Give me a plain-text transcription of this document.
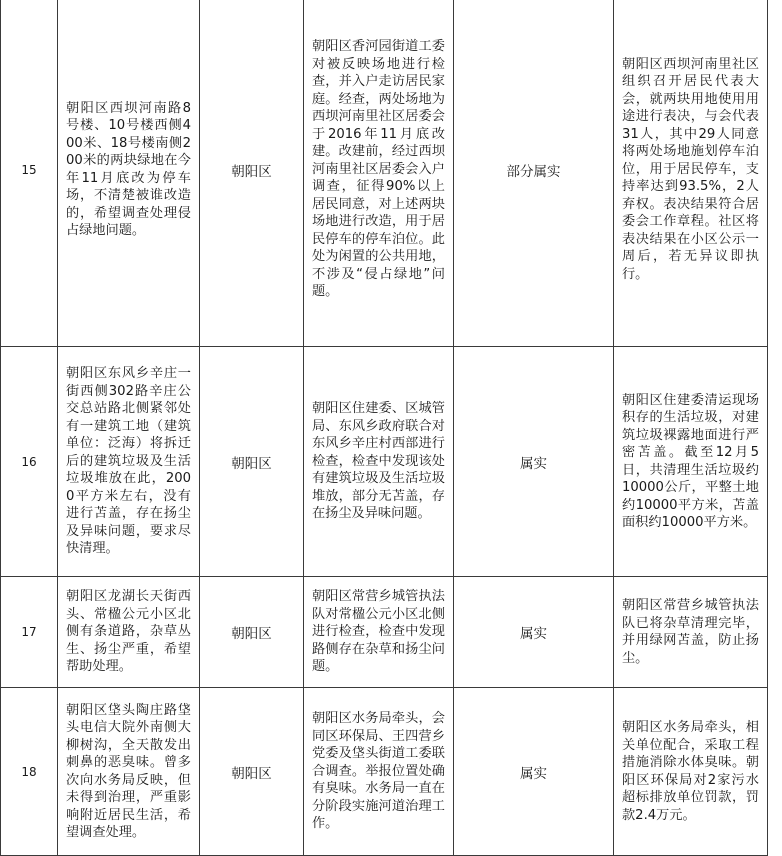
15	朝阳区西坝河南路8号楼、10号楼西侧400米、18号楼南侧200米的两块绿地在今年11月底改为停车场，不清楚被谁改造的，希望调查处理侵占绿地问题。	朝阳区	朝阳区香河园街道工委对被反映场地进行检查，并入户走访居民家庭。经查，两处场地为西坝河南里社区居委会于2016年11月底改建。改建前，经过西坝河南里社区居委会入户调查，征得90%以上居民同意，对上述两块场地进行改造，用于居民停车的停车泊位。此处为闲置的公共用地，不涉及“侵占绿地”问题。	部分属实	朝阳区西坝河南里社区组织召开居民代表大会，就两块用地使用用途进行表决，与会代表31人，其中29人同意将两处场地施划停车泊位，用于居民停车，支持率达到93.5%，2人弃权。表决结果符合居委会工作章程。社区将表决结果在小区公示一周后，若无异议即执行。
16	朝阳区东风乡辛庄一街西侧302路辛庄公交总站路北侧紧邻处有一建筑工地（建筑单位：泛海）将拆迁后的建筑垃圾及生活垃圾堆放在此，2000平方米左右，没有进行苫盖，存在扬尘及异味问题，要求尽快清理。	朝阳区	朝阳区住建委、区城管局、东风乡政府联合对东风乡辛庄村西部进行检查，检查中发现该处有建筑垃圾及生活垃圾堆放，部分无苫盖，存在扬尘及异味问题。	属实	朝阳区住建委清运现场积存的生活垃圾，对建筑垃圾裸露地面进行严密苫盖。截至12月5日，共清理生活垃圾约10000公斤，平整土地约10000平方米，苫盖面积约10000平方米。
17	朝阳区龙湖长天街西头、常楹公元小区北侧有条道路，杂草丛生、扬尘严重，希望帮助处理。	朝阳区	朝阳区常营乡城管执法队对常楹公元小区北侧进行检查，检查中发现路侧存在杂草和扬尘问题。	属实	朝阳区常营乡城管执法队已将杂草清理完毕，并用绿网苫盖，防止扬尘。
18	朝阳区垡头陶庄路垡头电信大院外南侧大柳树沟，全天散发出刺鼻的恶臭味。曾多次向水务局反映，但未得到治理，严重影响附近居民生活，希望调查处理。	朝阳区	朝阳区水务局牵头，会同区环保局、王四营乡党委及垡头街道工委联合调查。举报位置处确有臭味。水务局一直在分阶段实施河道治理工作。	属实	朝阳区水务局牵头，相关单位配合，采取工程措施消除水体臭味。朝阳区环保局对2家污水超标排放单位罚款，罚款2.4万元。
